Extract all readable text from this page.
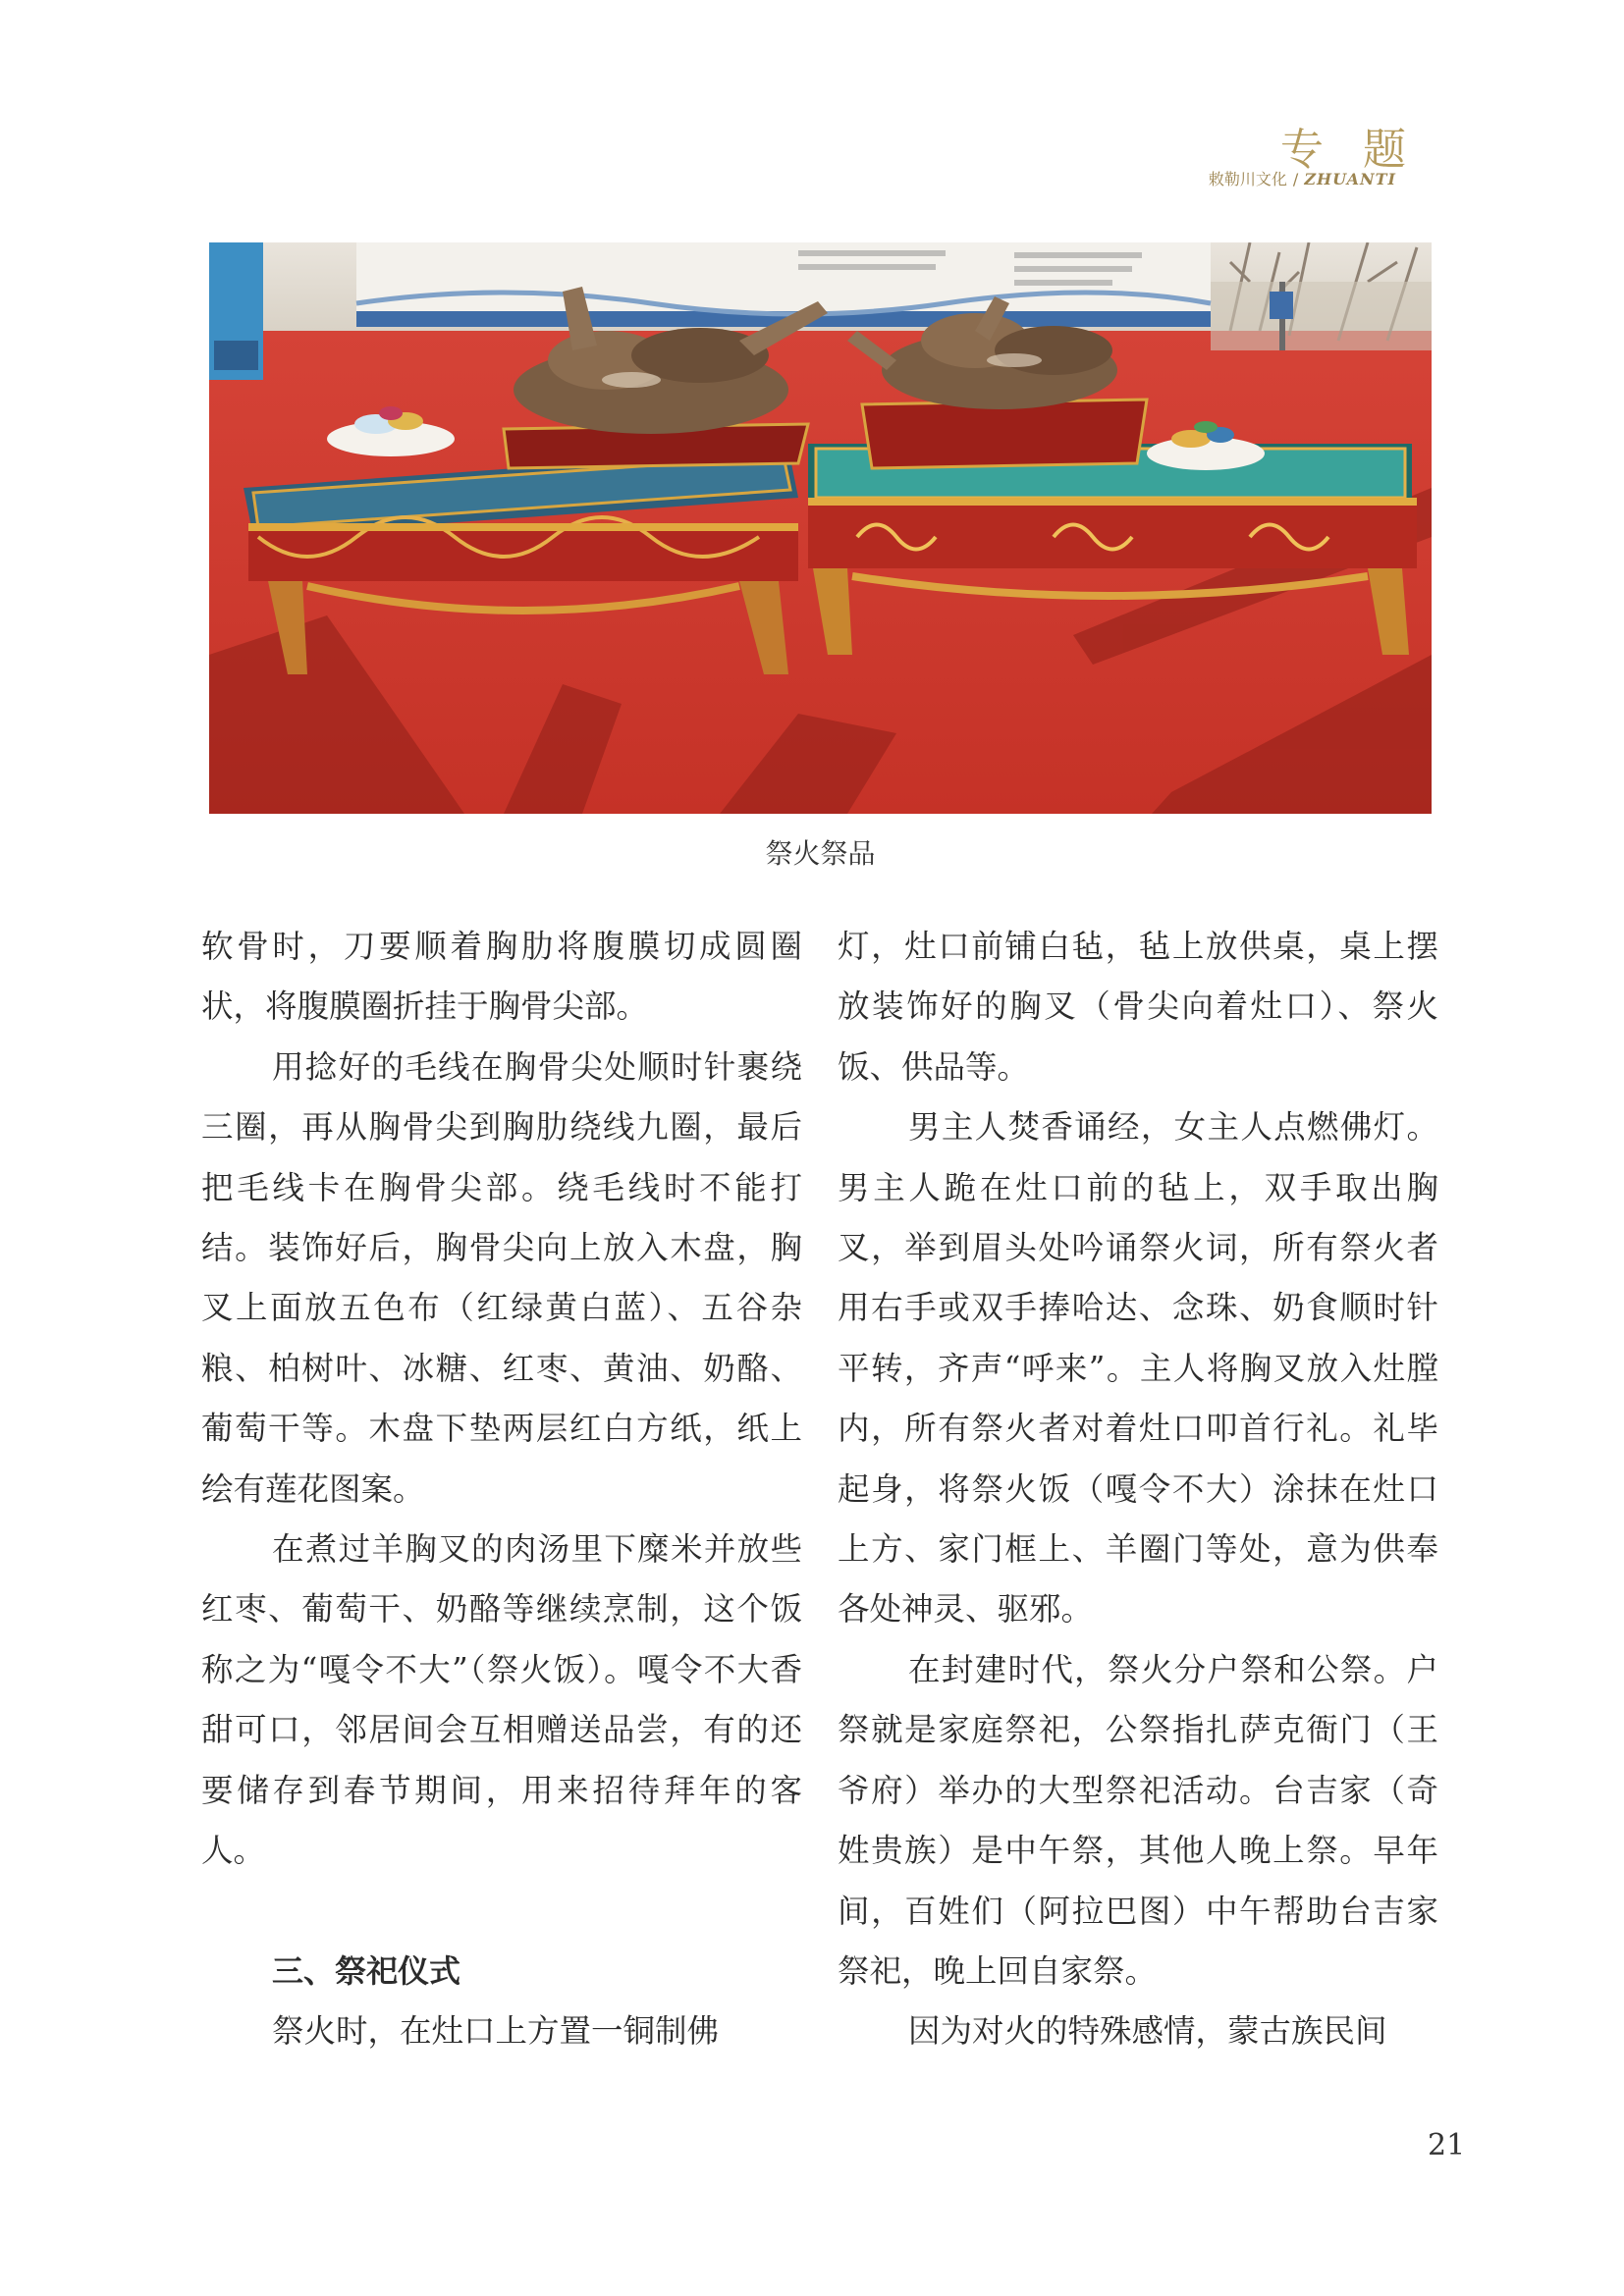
专题
敕勒川文化 / ZHUANTI
祭火祭品

软骨时，刀要顺着胸肋将腹膜切成圆圈状，将腹膜圈折挂于胸骨尖部。

用捻好的毛线在胸骨尖处顺时针裹绕三圈，再从胸骨尖到胸肋绕线九圈，最后把毛线卡在胸骨尖部。绕毛线时不能打结。装饰好后，胸骨尖向上放入木盘，胸叉上面放五色布（红绿黄白蓝）、五谷杂粮、柏树叶、冰糖、红枣、黄油、奶酪、葡萄干等。木盘下垫两层红白方纸，纸上绘有莲花图案。

在煮过羊胸叉的肉汤里下糜米并放些红枣、葡萄干、奶酪等继续烹制，这个饭称之为“嘎令不大”（祭火饭）。嘎令不大香甜可口，邻居间会互相赠送品尝，有的还要储存到春节期间，用来招待拜年的客人。

三、祭祀仪式

祭火时，在灶口上方置一铜制佛

灯，灶口前铺白毡，毡上放供桌，桌上摆放装饰好的胸叉（骨尖向着灶口）、祭火饭、供品等。

男主人焚香诵经，女主人点燃佛灯。男主人跪在灶口前的毡上，双手取出胸叉，举到眉头处吟诵祭火词，所有祭火者用右手或双手捧哈达、念珠、奶食顺时针平转，齐声“呼来”。主人将胸叉放入灶膛内，所有祭火者对着灶口叩首行礼。礼毕起身，将祭火饭（嘎令不大）涂抹在灶口上方、家门框上、羊圈门等处，意为供奉各处神灵、驱邪。

在封建时代，祭火分户祭和公祭。户祭就是家庭祭祀，公祭指扎萨克衙门（王爷府）举办的大型祭祀活动。台吉家（奇姓贵族）是中午祭，其他人晚上祭。早年间，百姓们（阿拉巴图）中午帮助台吉家祭祀，晚上回自家祭。

因为对火的特殊感情，蒙古族民间

21
